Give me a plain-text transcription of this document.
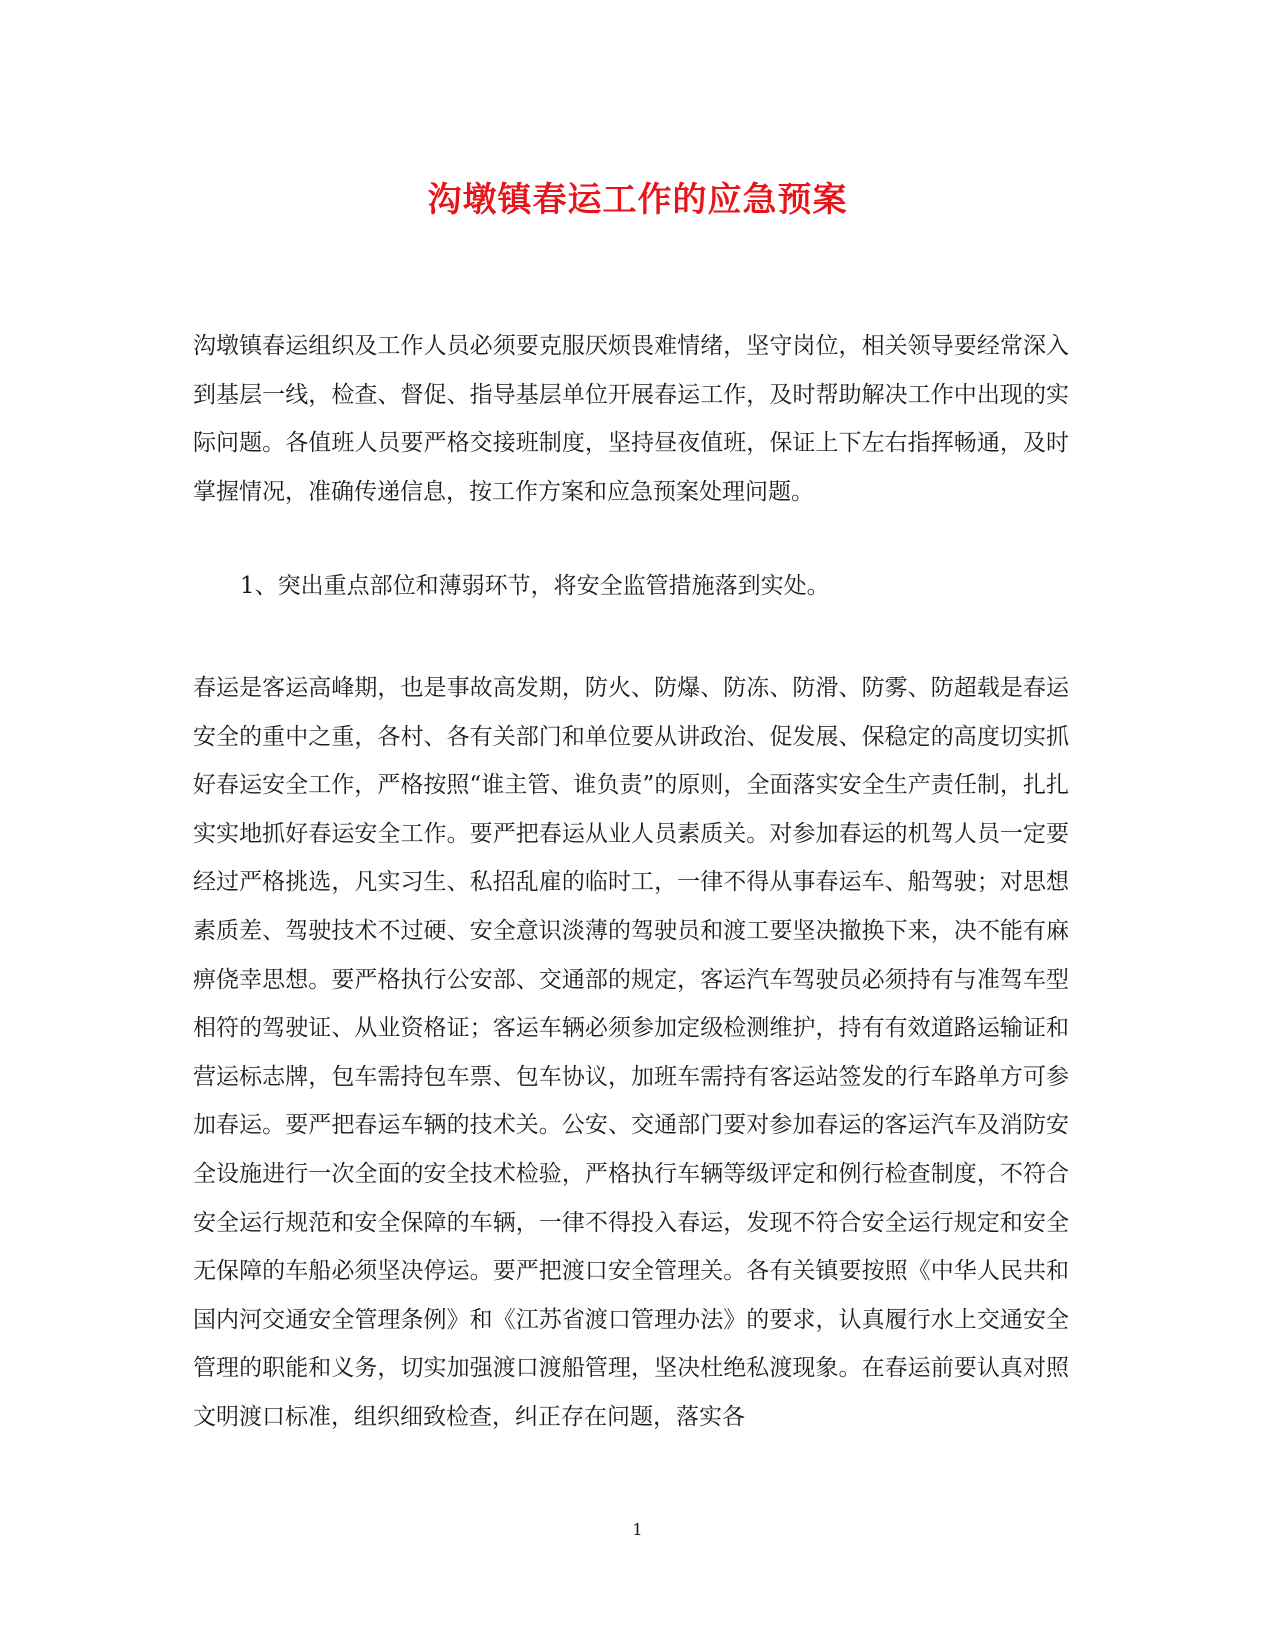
沟墩镇春运工作的应急预案

沟墩镇春运组织及工作人员必须要克服厌烦畏难情绪，坚守岗位，相关领导要经常深入到基层一线，检查、督促、指导基层单位开展春运工作，及时帮助解决工作中出现的实际问题。各值班人员要严格交接班制度，坚持昼夜值班，保证上下左右指挥畅通，及时掌握情况，准确传递信息，按工作方案和应急预案处理问题。

1、突出重点部位和薄弱环节，将安全监管措施落到实处。

春运是客运高峰期，也是事故高发期，防火、防爆、防冻、防滑、防雾、防超载是春运安全的重中之重，各村、各有关部门和单位要从讲政治、促发展、保稳定的高度切实抓好春运安全工作，严格按照“谁主管、谁负责”的原则，全面落实安全生产责任制，扎扎实实地抓好春运安全工作。要严把春运从业人员素质关。对参加春运的机驾人员一定要经过严格挑选，凡实习生、私招乱雇的临时工，一律不得从事春运车、船驾驶；对思想素质差、驾驶技术不过硬、安全意识淡薄的驾驶员和渡工要坚决撤换下来，决不能有麻痹侥幸思想。要严格执行公安部、交通部的规定，客运汽车驾驶员必须持有与准驾车型相符的驾驶证、从业资格证；客运车辆必须参加定级检测维护，持有有效道路运输证和营运标志牌，包车需持包车票、包车协议，加班车需持有客运站签发的行车路单方可参加春运。要严把春运车辆的技术关。公安、交通部门要对参加春运的客运汽车及消防安全设施进行一次全面的安全技术检验，严格执行车辆等级评定和例行检查制度，不符合安全运行规范和安全保障的车辆，一律不得投入春运，发现不符合安全运行规定和安全无保障的车船必须坚决停运。要严把渡口安全管理关。各有关镇要按照《中华人民共和国内河交通安全管理条例》和《江苏省渡口管理办法》的要求，认真履行水上交通安全管理的职能和义务，切实加强渡口渡船管理，坚决杜绝私渡现象。在春运前要认真对照文明渡口标准，组织细致检查，纠正存在问题，落实各

1
